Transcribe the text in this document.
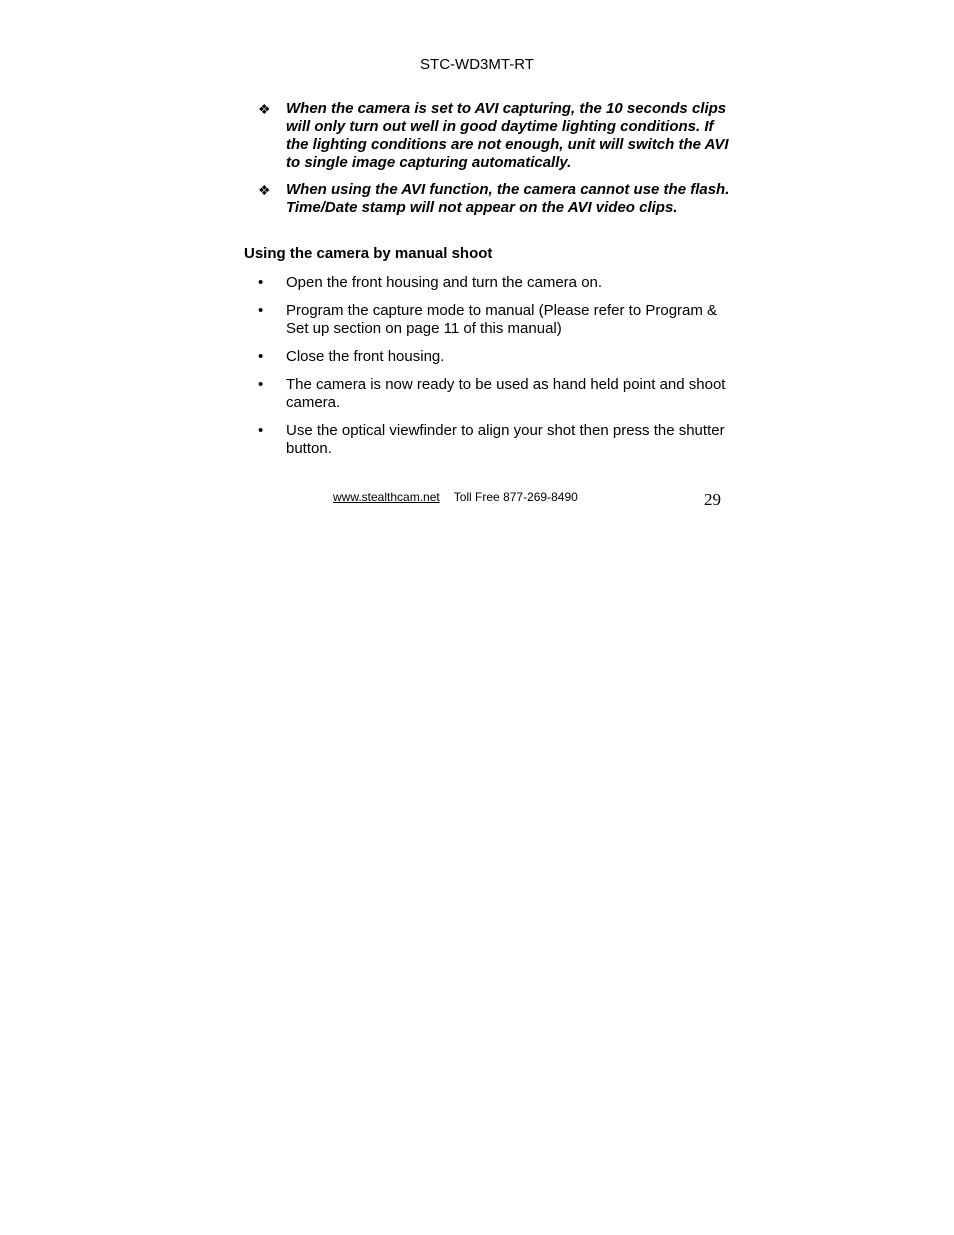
STC-WD3MT-RT
❖ When the camera is set to AVI capturing, the 10 seconds clips will only turn out well in good daytime lighting conditions. If the lighting conditions are not enough, unit will switch the AVI to single image capturing automatically.
❖ When using the AVI function, the camera cannot use the flash. Time/Date stamp will not appear on the AVI video clips.
Using the camera by manual shoot
• Open the front housing and turn the camera on.
• Program the capture mode to manual (Please refer to Program & Set up section on page 11 of this manual)
• Close the front housing.
• The camera is now ready to be used as hand held point and shoot camera.
• Use the optical viewfinder to align your shot then press the shutter button.
www.stealthcam.net Toll Free 877-269-8490	29
